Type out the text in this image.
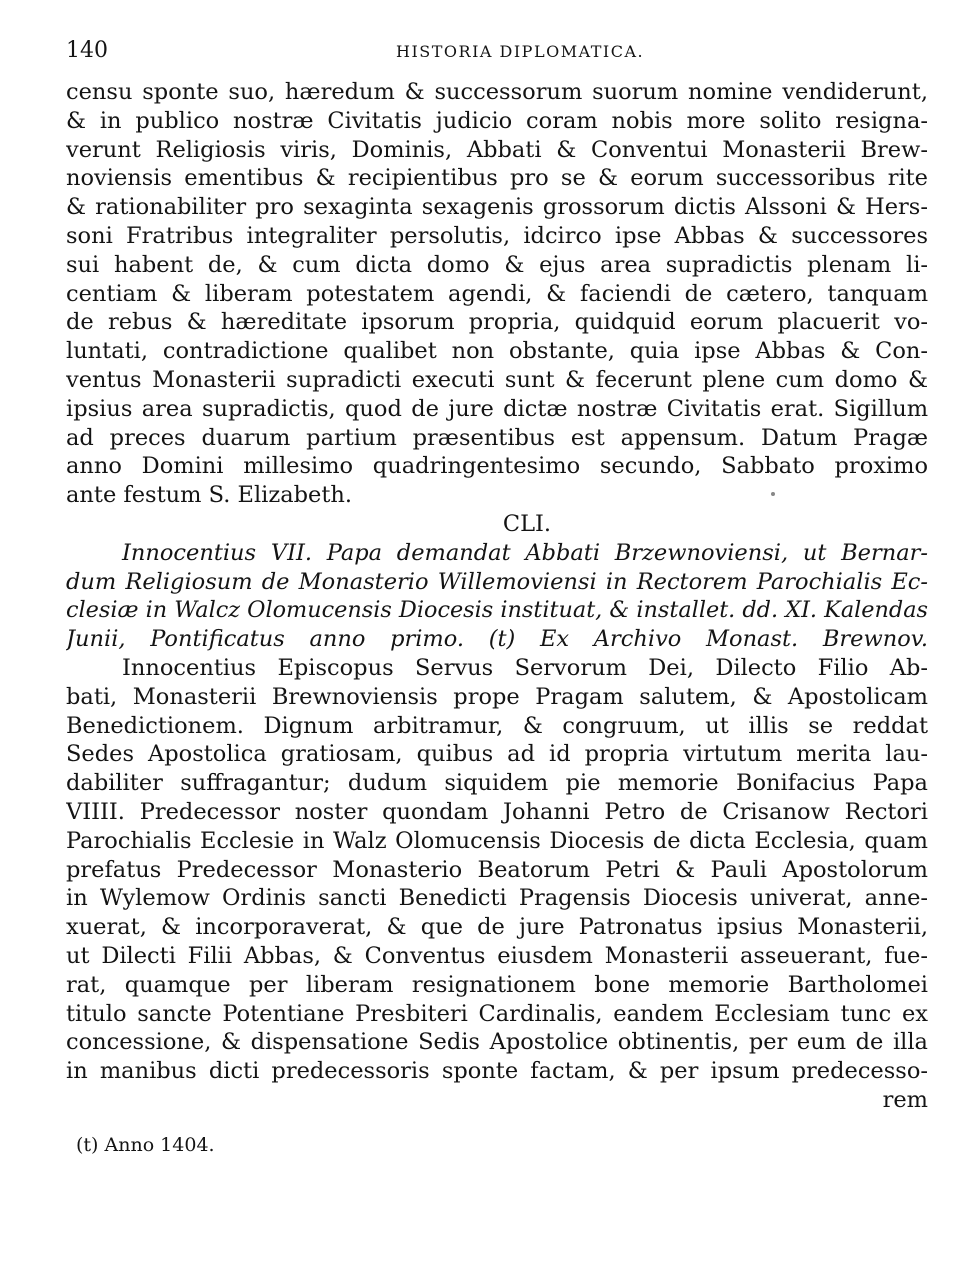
140	HISTORIA DIPLOMATICA.
censu sponte suo, hæredum & successorum suorum nomine vendiderunt,
& in publico nostræ Civitatis judicio coram nobis more solito resigna-
verunt Religiosis viris, Dominis, Abbati & Conventui Monasterii Brew-
noviensis ementibus & recipientibus pro se & eorum successoribus rite
& rationabiliter pro sexaginta sexagenis grossorum dictis Alssoni & Hers-
soni Fratribus integraliter persolutis, idcirco ipse Abbas & successores
sui habent de, & cum dicta domo & ejus area supradictis plenam li-
centiam & liberam potestatem agendi, & faciendi de cætero, tanquam
de rebus & hæreditate ipsorum propria, quidquid eorum placuerit vo-
luntati, contradictione qualibet non obstante, quia ipse Abbas & Con-
ventus Monasterii supradicti executi sunt & fecerunt plene cum domo &
ipsius area supradictis, quod de jure dictæ nostræ Civitatis erat. Sigillum
ad preces duarum partium præsentibus est appensum. Datum Pragæ
anno Domini millesimo quadringentesimo secundo, Sabbato proximo
ante festum S. Elizabeth.
CLI.
Innocentius VII. Papa demandat Abbati Brzewnoviensi, ut Bernar-
dum Religiosum de Monasterio Willemoviensi in Rectorem Parochialis Ec-
clesiæ in Walcz Olomucensis Diocesis instituat, & installet. dd. XI. Kalendas
Junii, Pontificatus anno primo. (t) Ex Archivo Monast. Brewnov.
Innocentius Episcopus Servus Servorum Dei, Dilecto Filio Ab-
bati, Monasterii Brewnoviensis prope Pragam salutem, & Apostolicam
Benedictionem. Dignum arbitramur, & congruum, ut illis se reddat
Sedes Apostolica gratiosam, quibus ad id propria virtutum merita lau-
dabiliter suffragantur; dudum siquidem pie memorie Bonifacius Papa
VIIII. Predecessor noster quondam Johanni Petro de Crisanow Rectori
Parochialis Ecclesie in Walz Olomucensis Diocesis de dicta Ecclesia, quam
prefatus Predecessor Monasterio Beatorum Petri & Pauli Apostolorum
in Wylemow Ordinis sancti Benedicti Pragensis Diocesis univerat, anne-
xuerat, & incorporaverat, & que de jure Patronatus ipsius Monasterii,
ut Dilecti Filii Abbas, & Conventus eiusdem Monasterii asseuerant, fue-
rat, quamque per liberam resignationem bone memorie Bartholomei
titulo sancte Potentiane Presbiteri Cardinalis, eandem Ecclesiam tunc ex
concessione, & dispensatione Sedis Apostolice obtinentis, per eum de illa
in manibus dicti predecessoris sponte factam, & per ipsum predecesso-
rem
(t) Anno 1404.
